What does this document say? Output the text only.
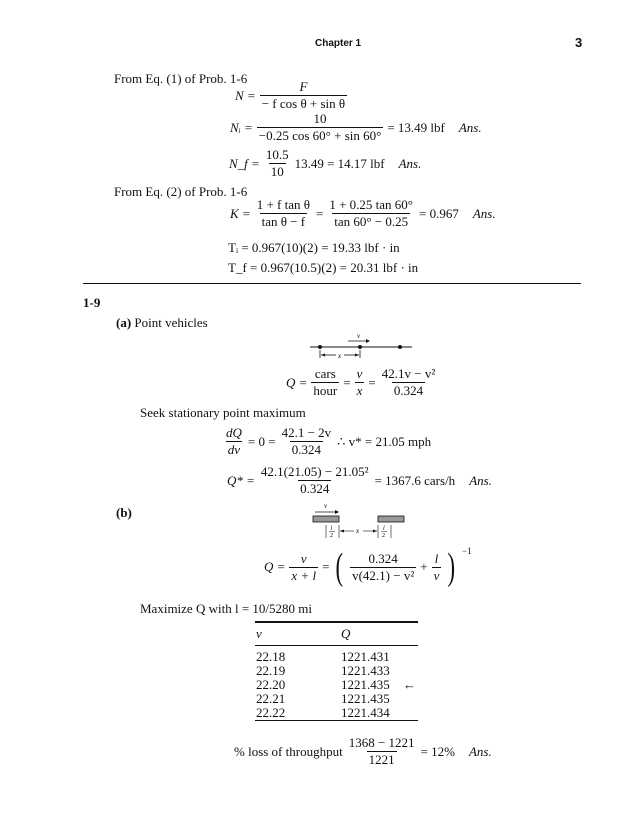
Chapter 1	3
From Eq. (1) of Prob. 1-6
$N = \frac{F}{\text{− f cos θ + sin θ}}$
Nᵢ = $\frac{10}{-0.25 \cos 60^\circ + \sin 60^\circ} = 13.49$ lbf Ans.
N_f = $\frac{10.5}{10} 13.49 = 14.17$ lbf Ans.
From Eq. (2) of Prob. 1-6
$K = \frac{\text{1 + f tan θ}}{\text{tan θ − f}} = \frac{1 + 0.25 \tan 60^\circ}{\tan 60^\circ - 0.25} = 0.967$ Ans.
Tᵢ = 0.967(10)(2) = 19.33 lbf · in
T_f = 0.967(10.5)(2) = 20.31 lbf · in
1-9
(a) Point vehicles
v
x
$Q = \frac{\text{cars}}{\text{hour}} = \frac{v}{x} = \frac{\text{42.1v − v²}}{0.324}$
Seek stationary point maximum
$\frac{dQ}{dv} = 0 = \frac{42.1 - 2v}{0.324}$ ∴ v* = 21.05 mph
$Q* = \frac{\text{42.1(21.05) − 21.05²}}{0.324} = 1367.6$ cars/h Ans.
(b)	v
l
2
x	l
2
$Q = \frac{v}{x + l}$ = ( $\frac{0.324}{\text{v(42.1) − v²}} + \frac{l}{v}$ ) −1
Maximize Q with l = 10/5280 mi
v	Q	
22.18	1221.431	
22.19	1221.433	
22.20	1221.435	←
22.21	1221.435	
22.22	1221.434	
% loss of throughput $\frac{1368 - 1221}{1221} = 12\%$ Ans.
